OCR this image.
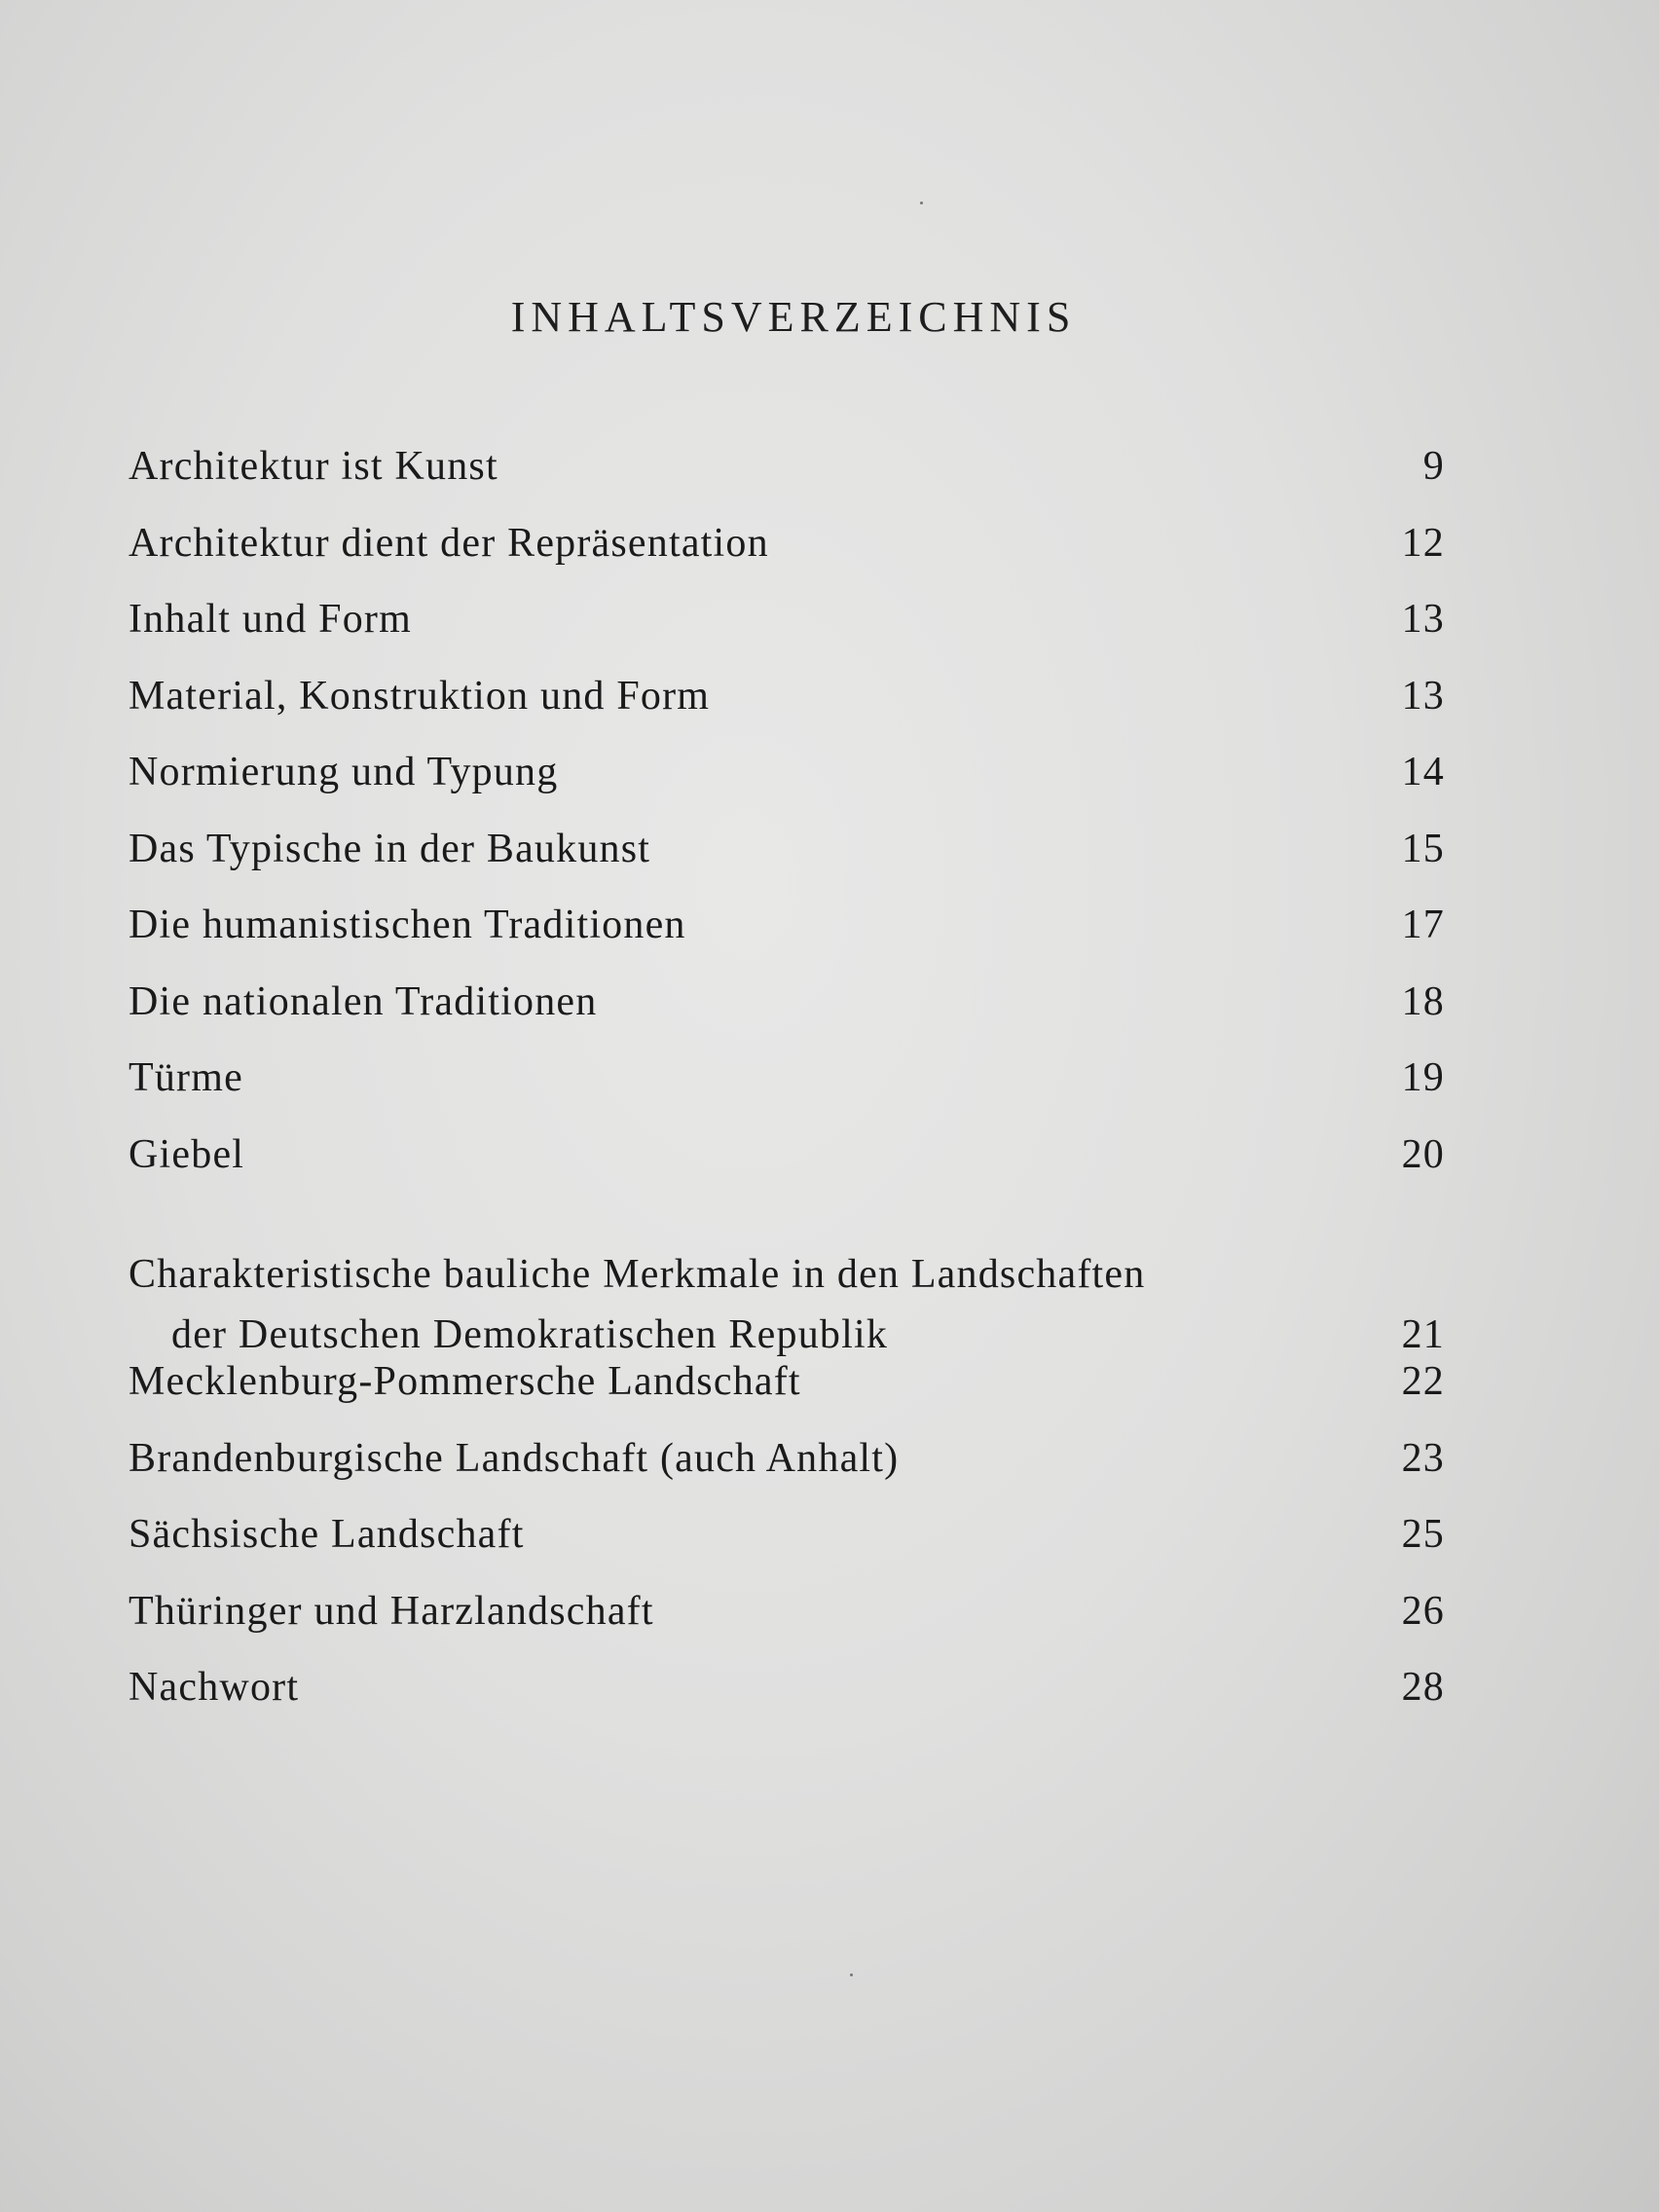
INHALTSVERZEICHNIS
Architektur ist Kunst	9
Architektur dient der Repräsentation	12
Inhalt und Form	13
Material, Konstruktion und Form	13
Normierung und Typung	14
Das Typische in der Baukunst	15
Die humanistischen Traditionen	17
Die nationalen Traditionen	18
Türme	19
Giebel	20
Charakteristische bauliche Merkmale in den Landschaften
der Deutschen Demokratischen Republik	21
Mecklenburg-Pommersche Landschaft	22
Brandenburgische Landschaft (auch Anhalt)	23
Sächsische Landschaft	25
Thüringer und Harzlandschaft	26
Nachwort	28
